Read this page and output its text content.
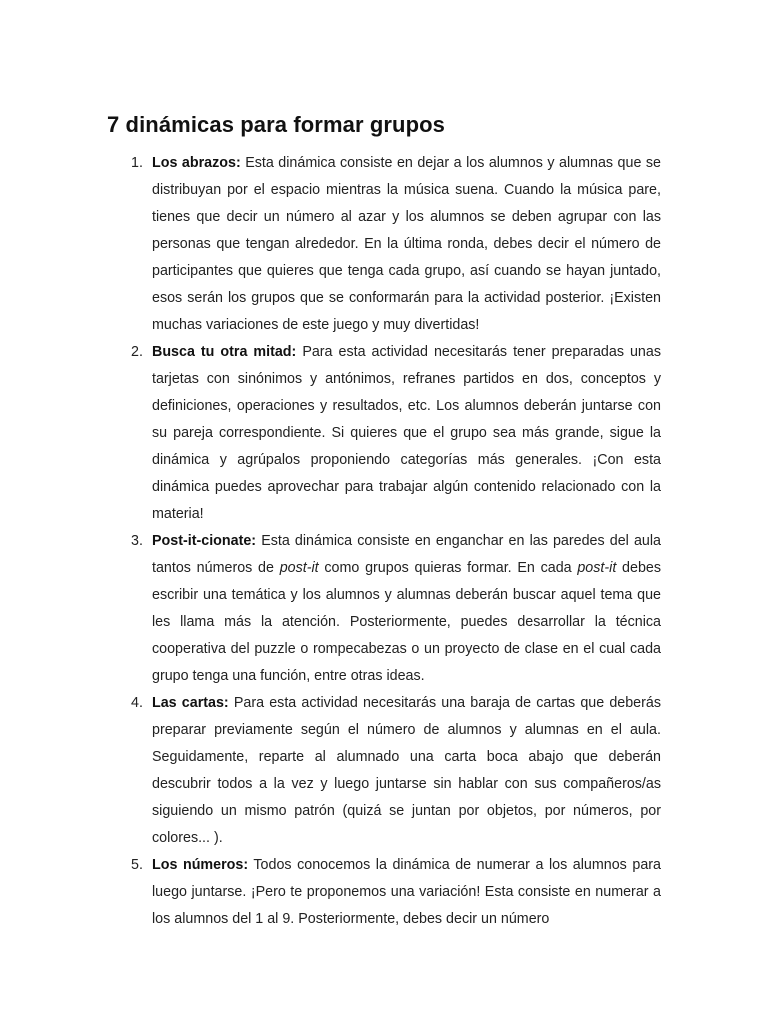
7 dinámicas para formar grupos
1. Los abrazos: Esta dinámica consiste en dejar a los alumnos y alumnas que se distribuyan por el espacio mientras la música suena. Cuando la música pare, tienes que decir un número al azar y los alumnos se deben agrupar con las personas que tengan alrededor. En la última ronda, debes decir el número de participantes que quieres que tenga cada grupo, así cuando se hayan juntado, esos serán los grupos que se conformarán para la actividad posterior. ¡Existen muchas variaciones de este juego y muy divertidas!
2. Busca tu otra mitad: Para esta actividad necesitarás tener preparadas unas tarjetas con sinónimos y antónimos, refranes partidos en dos, conceptos y definiciones, operaciones y resultados, etc. Los alumnos deberán juntarse con su pareja correspondiente. Si quieres que el grupo sea más grande, sigue la dinámica y agrúpalos proponiendo categorías más generales. ¡Con esta dinámica puedes aprovechar para trabajar algún contenido relacionado con la materia!
3. Post-it-cionate: Esta dinámica consiste en enganchar en las paredes del aula tantos números de post-it como grupos quieras formar. En cada post-it debes escribir una temática y los alumnos y alumnas deberán buscar aquel tema que les llama más la atención. Posteriormente, puedes desarrollar la técnica cooperativa del puzzle o rompecabezas o un proyecto de clase en el cual cada grupo tenga una función, entre otras ideas.
4. Las cartas: Para esta actividad necesitarás una baraja de cartas que deberás preparar previamente según el número de alumnos y alumnas en el aula. Seguidamente, reparte al alumnado una carta boca abajo que deberán descubrir todos a la vez y luego juntarse sin hablar con sus compañeros/as siguiendo un mismo patrón (quizá se juntan por objetos, por números, por colores... ).
5. Los números: Todos conocemos la dinámica de numerar a los alumnos para luego juntarse. ¡Pero te proponemos una variación! Esta consiste en numerar a los alumnos del 1 al 9. Posteriormente, debes decir un número
